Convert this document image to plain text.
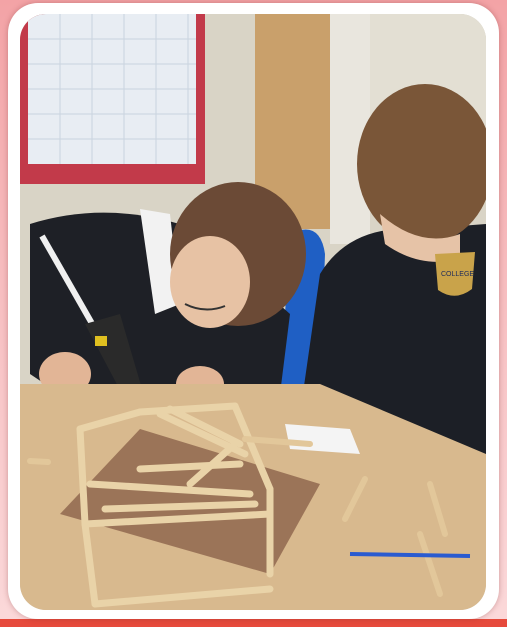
COLLEGE
